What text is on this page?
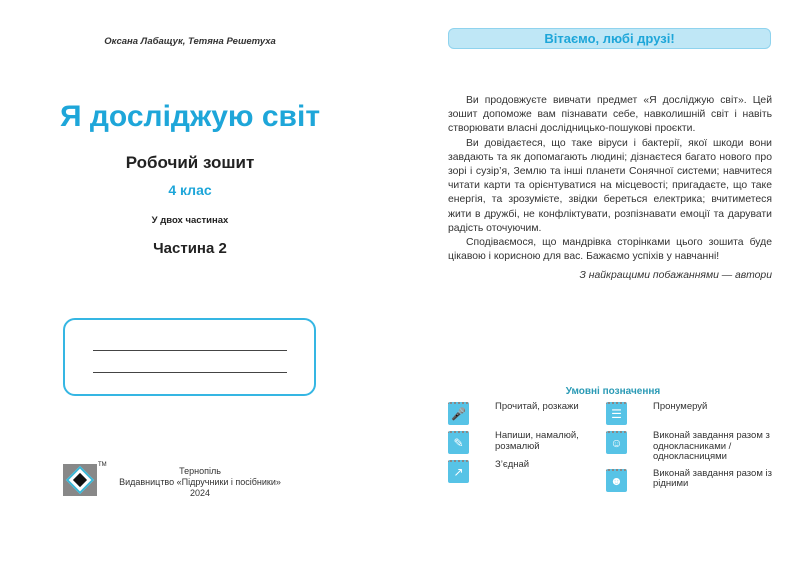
Оксана Лабащук, Тетяна Решетуха
Я досліджую світ
Робочий зошит
4 клас
У двох частинах
Частина 2
TM
Тернопіль
Видавництво «Підручники і посібники»
2024
Вітаємо, любі друзі!

Ви продовжуєте вивчати предмет «Я досліджую світ». Цей зошит допоможе вам пізнавати себе, навколишній світ і навіть створювати власні дослідницько-пошукові проєкти.

Ви довідаєтеся, що таке віруси і бактерії, якої шкоди вони завдають та як допомагають людині; дізнаєтеся багато нового про зорі і сузір’я, Землю та інші планети Сонячної системи; навчитеся читати карти та орієнтуватися на місцевості; пригадаєте, що таке енергія, та зрозумієте, звідки береться електрика; вчитиметеся жити в дружбі, не конфліктувати, розпізнавати емоції та дарувати радість оточуючим.

Сподіваємося, що мандрівка сторінками цього зошита буде цікавою і корисною для вас. Бажаємо успіхів у навчанні!

З найкращими побажаннями — автори
Умовні позначення
🎤
Прочитай, розкажи
✎
Напиши, намалюй, розмалюй
↗
З’єднай
☰
Пронумеруй
☺
Виконай завдання разом з однокласниками / однокласницями
☻
Виконай завдання разом із рідними
